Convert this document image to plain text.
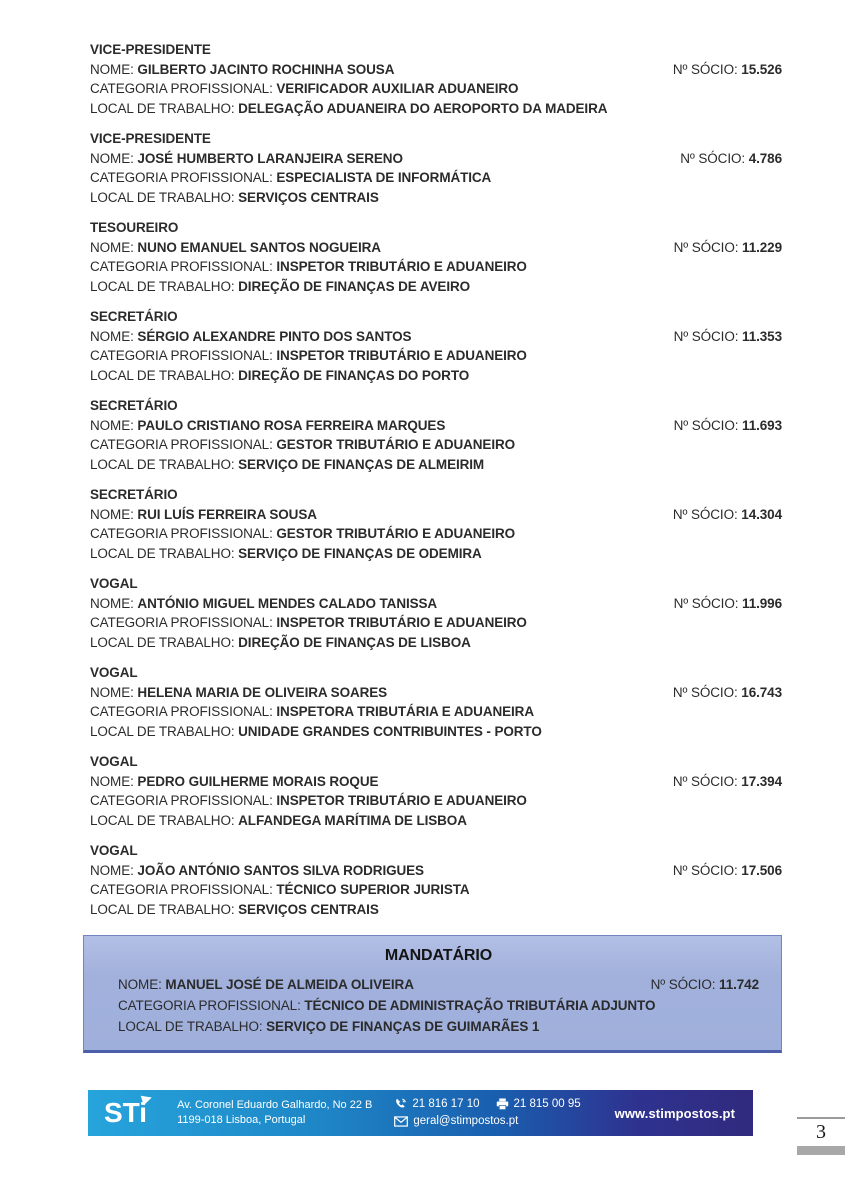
VICE-PRESIDENTE
NOME: GILBERTO JACINTO ROCHINHA SOUSA	Nº SÓCIO: 15.526
CATEGORIA PROFISSIONAL: VERIFICADOR AUXILIAR ADUANEIRO
LOCAL DE TRABALHO: DELEGAÇÃO ADUANEIRA DO AEROPORTO DA MADEIRA
VICE-PRESIDENTE
NOME: JOSÉ HUMBERTO LARANJEIRA SERENO	Nº SÓCIO: 4.786
CATEGORIA PROFISSIONAL: ESPECIALISTA DE INFORMÁTICA
LOCAL DE TRABALHO: SERVIÇOS CENTRAIS
TESOUREIRO
NOME: NUNO EMANUEL SANTOS NOGUEIRA	Nº SÓCIO: 11.229
CATEGORIA PROFISSIONAL: INSPETOR TRIBUTÁRIO E ADUANEIRO
LOCAL DE TRABALHO: DIREÇÃO DE FINANÇAS DE AVEIRO
SECRETÁRIO
NOME: SÉRGIO ALEXANDRE PINTO DOS SANTOS	Nº SÓCIO: 11.353
CATEGORIA PROFISSIONAL: INSPETOR TRIBUTÁRIO E ADUANEIRO
LOCAL DE TRABALHO: DIREÇÃO DE FINANÇAS DO PORTO
SECRETÁRIO
NOME: PAULO CRISTIANO ROSA FERREIRA MARQUES	Nº SÓCIO: 11.693
CATEGORIA PROFISSIONAL: GESTOR TRIBUTÁRIO E ADUANEIRO
LOCAL DE TRABALHO: SERVIÇO DE FINANÇAS DE ALMEIRIM
SECRETÁRIO
NOME: RUI LUÍS FERREIRA SOUSA	Nº SÓCIO: 14.304
CATEGORIA PROFISSIONAL: GESTOR TRIBUTÁRIO E ADUANEIRO
LOCAL DE TRABALHO: SERVIÇO DE FINANÇAS DE ODEMIRA
VOGAL
NOME: ANTÓNIO MIGUEL MENDES CALADO TANISSA	Nº SÓCIO: 11.996
CATEGORIA PROFISSIONAL: INSPETOR TRIBUTÁRIO E ADUANEIRO
LOCAL DE TRABALHO: DIREÇÃO DE FINANÇAS DE LISBOA
VOGAL
NOME: HELENA MARIA DE OLIVEIRA SOARES	Nº SÓCIO: 16.743
CATEGORIA PROFISSIONAL: INSPETORA TRIBUTÁRIA E ADUANEIRA
LOCAL DE TRABALHO: UNIDADE GRANDES CONTRIBUINTES - PORTO
VOGAL
NOME: PEDRO GUILHERME MORAIS ROQUE	Nº SÓCIO: 17.394
CATEGORIA PROFISSIONAL: INSPETOR TRIBUTÁRIO E ADUANEIRO
LOCAL DE TRABALHO: ALFANDEGA MARÍTIMA DE LISBOA
VOGAL
NOME: JOÃO ANTÓNIO SANTOS SILVA RODRIGUES	Nº SÓCIO: 17.506
CATEGORIA PROFISSIONAL: TÉCNICO SUPERIOR JURISTA
LOCAL DE TRABALHO: SERVIÇOS CENTRAIS
MANDATÁRIO
NOME: MANUEL JOSÉ DE ALMEIDA OLIVEIRA	Nº SÓCIO: 11.742
CATEGORIA PROFISSIONAL: TÉCNICO DE ADMINISTRAÇÃO TRIBUTÁRIA ADJUNTO
LOCAL DE TRABALHO: SERVIÇO DE FINANÇAS DE GUIMARÃES 1
STi	Av. Coronel Eduardo Galhardo, No 22 B
1199-018 Lisboa, Portugal
21 816 17 10	21 815 00 95
geral@stimpostos.pt
www.stimpostos.pt
3
